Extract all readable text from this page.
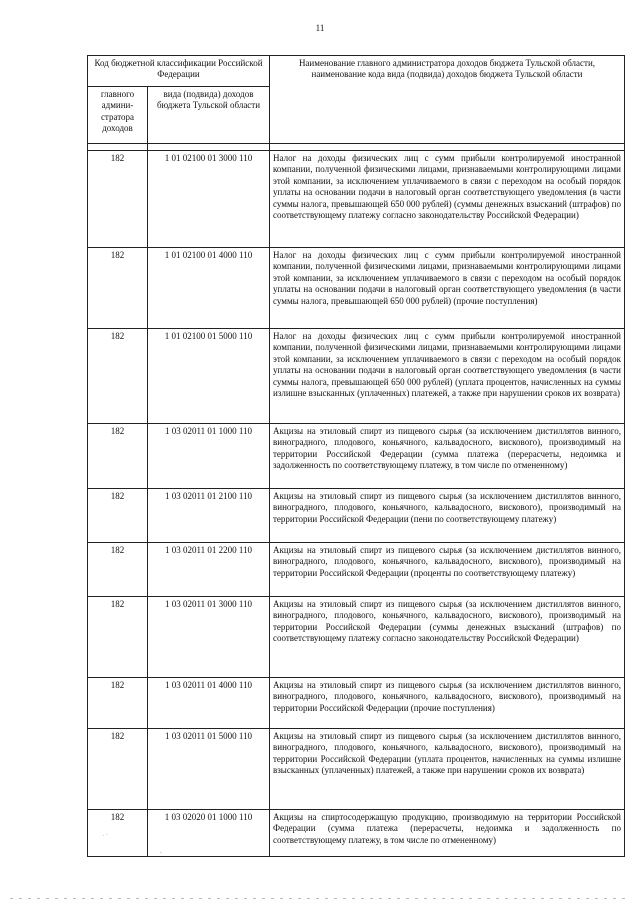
11
Код бюджетной классификации Российской Федерации		Наименование главного администратора доходов бюджета Тульской области, наименование кода вида (подвида) доходов бюджета Тульской области
главного админи-стратора доходов	вида (подвида) доходов бюджета Тульской области	

182	1 01 02100 01 3000 110	Налог на доходы физических лиц с сумм прибыли контролируемой иностранной компании, полученной физическими лицами, признаваемыми контролирующими лицами этой компании, за исключением уплачиваемого в связи с переходом на особый порядок уплаты на основании подачи в налоговый орган соответствующего уведомления (в части суммы налога, превышающей 650 000 рублей) (суммы денежных взысканий (штрафов) по соответствующему платежу согласно законодательству Российской Федерации)
182	1 01 02100 01 4000 110	Налог на доходы физических лиц с сумм прибыли контролируемой иностранной компании, полученной физическими лицами, признаваемыми контролирующими лицами этой компании, за исключением уплачиваемого в связи с переходом на особый порядок уплаты на основании подачи в налоговый орган соответствующего уведомления (в части суммы налога, превышающей 650 000 рублей) (прочие поступления)
182	1 01 02100 01 5000 110	Налог на доходы физических лиц с сумм прибыли контролируемой иностранной компании, полученной физическими лицами, признаваемыми контролирующими лицами этой компании, за исключением уплачиваемого в связи с переходом на особый порядок уплаты на основании подачи в налоговый орган соответствующего уведомления (в части суммы налога, превышающей 650 000 рублей) (уплата процентов, начисленных на суммы излишне взысканных (уплаченных) платежей, а также при нарушении сроков их возврата)
182	1 03 02011 01 1000 110	Акцизы на этиловый спирт из пищевого сырья (за исключением дистиллятов винного, виноградного, плодового, коньячного, кальвадосного, вискового), производимый на территории Российской Федерации (сумма платежа (перерасчеты, недоимка и задолженность по соответствующему платежу, в том числе по отмененному)
182	1 03 02011 01 2100 110	Акцизы на этиловый спирт из пищевого сырья (за исключением дистиллятов винного, виноградного, плодового, коньячного, кальвадосного, вискового), производимый на территории Российской Федерации (пени по соответствующему платежу)
182	1 03 02011 01 2200 110	Акцизы на этиловый спирт из пищевого сырья (за исключением дистиллятов винного, виноградного, плодового, коньячного, кальвадосного, вискового), производимый на территории Российской Федерации (проценты по соответствующему платежу)
182	1 03 02011 01 3000 110	Акцизы на этиловый спирт из пищевого сырья (за исключением дистиллятов винного, виноградного, плодового, коньячного, кальвадосного, вискового), производимый на территории Российской Федерации (суммы денежных взысканий (штрафов) по соответствующему платежу согласно законодательству Российской Федерации)
182	1 03 02011 01 4000 110	Акцизы на этиловый спирт из пищевого сырья (за исключением дистиллятов винного, виноградного, плодового, коньячного, кальвадосного, вискового), производимый на территории Российской Федерации (прочие поступления)
182	1 03 02011 01 5000 110	Акцизы на этиловый спирт из пищевого сырья (за исключением дистиллятов винного, виноградного, плодового, коньячного, кальвадосного, вискового), производимый на территории Российской Федерации (уплата процентов, начисленных на суммы излишне взысканных (уплаченных) платежей, а также при нарушении сроков их возврата)
182	1 03 02020 01 1000 110	Акцизы на спиртосодержащую продукцию, производимую на территории Российской Федерации (сумма платежа (перерасчеты, недоимка и задолженность по соответствующему платежу, в том числе по отмененному)
. ·
-
